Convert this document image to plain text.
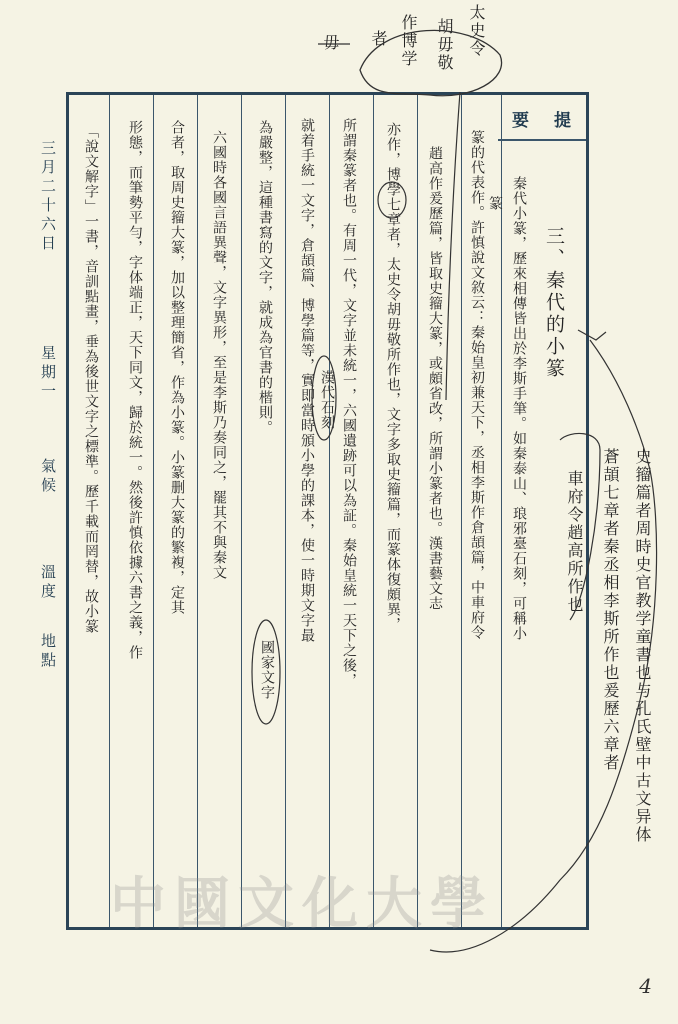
三月二十六日
星期一
氣候
溫度
地點
要 提
太史令
胡毋敬
作博学
者
毋
史籀篇者周時史官教学童書也与孔氏壁中古文异体
蒼頡七章者秦丞相李斯所作也爰歷六章者
車府令趙高所作也
三、秦代的小篆
秦代小篆，歷來相傳皆出於李斯手筆。如秦泰山、琅邪臺石刻，可稱小
篆的代表作。許慎說文敘云：秦始皇初兼天下，丞相李斯作倉頡篇，中車府令
趙高作爰歷篇，皆取史籀大篆，或頗省改，所謂小篆者也。漢書藝文志
亦作，博學七章者，太史令胡毋敬所作也，文字多取史籀篇，而篆体復頗異，
所謂秦篆者也。有周一代，文字並未統一，六國遺跡可以為証。秦始皇統一天下之後，
就着手統一文字，倉頡篇、博學篇等，實即當時頒小學的課本，使一時期文字最
為嚴整，這種書寫的文字，就成為官書的楷則。
六國時各國言語異聲，文字異形，至是李斯乃奏同之，罷其不與秦文
合者，取周史籀大篆，加以整理簡省，作為小篆。小篆删大篆的繁複，定其
形態，而筆勢平勻，字体端正，天下同文，歸於統一。然後許慎依據六書之義，作
「說文解字」一書，音訓點畫，垂為後世文字之標準。歷千載而罔替，故小篆	篆
漢代石刻
國家文字
中國文化大學
4
